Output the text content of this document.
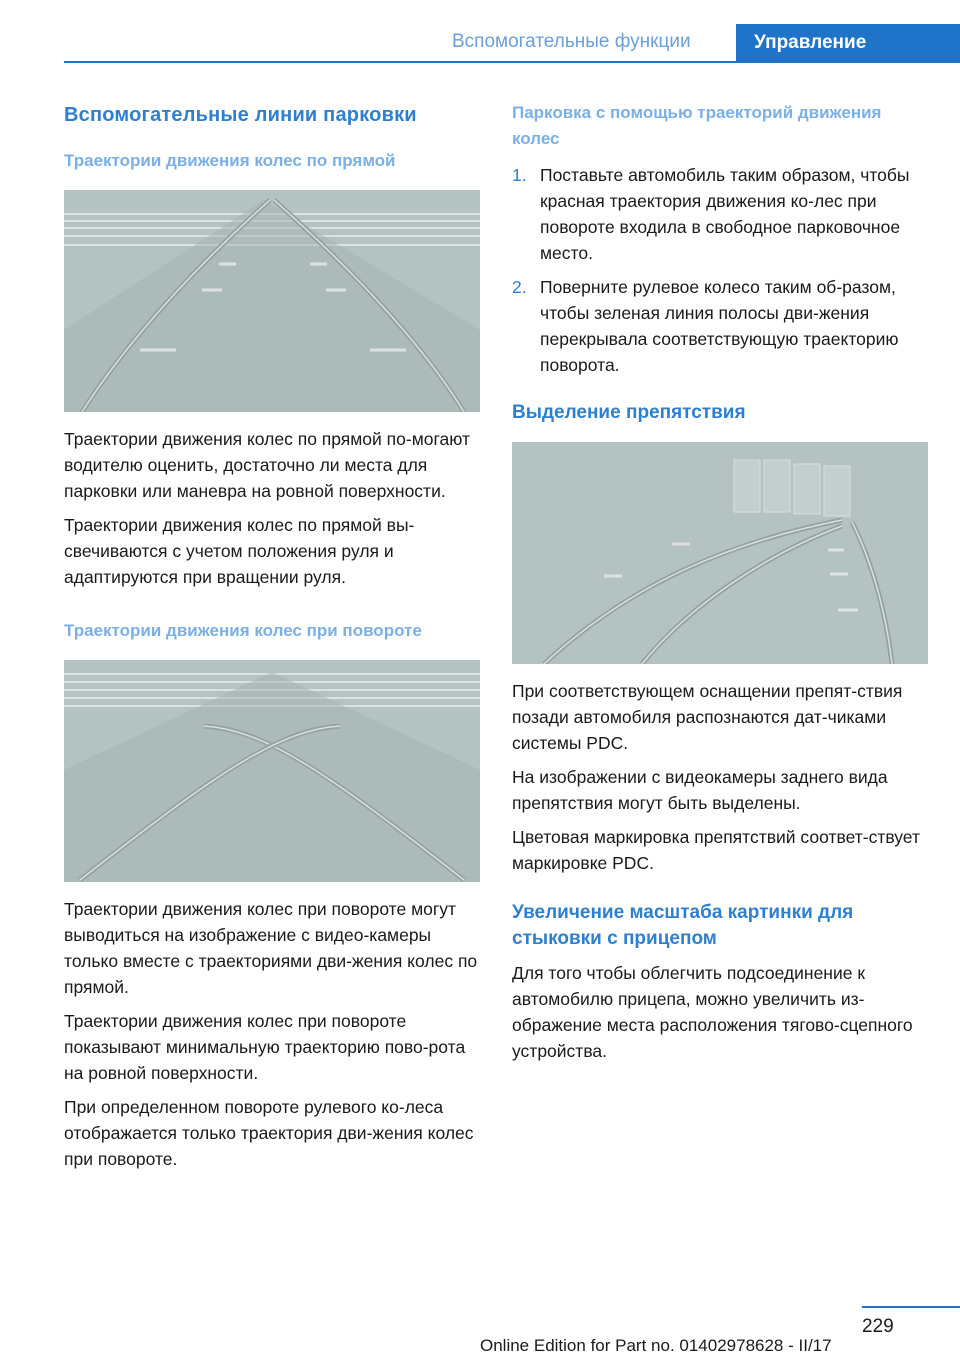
Вспомогательные функции	Управление
Вспомогательные линии парковки
Траектории движения колес по прямой

Траектории движения колес по прямой по‐могают водителю оценить, достаточно ли места для парковки или маневра на ровной поверхности.

Траектории движения колес по прямой вы‐свечиваются с учетом положения руля и адаптируются при вращении руля.

Траектории движения колес при повороте

Траектории движения колес при повороте могут выводиться на изображение с видео‐камеры только вместе с траекториями дви‐жения колес по прямой.

Траектории движения колес при повороте показывают минимальную траекторию пово‐рота на ровной поверхности.

При определенном повороте рулевого ко‐леса отображается только траектория дви‐жения колес при повороте.

Парковка с помощью траекторий движения колес
1. Поставьте автомобиль таким образом, чтобы красная траектория движения ко‐лес при повороте входила в свободное парковочное место.
2. Поверните рулевое колесо таким об‐разом, чтобы зеленая линия полосы дви‐жения перекрывала соответствующую траекторию поворота.
Выделение препятствия

При соответствующем оснащении препят‐ствия позади автомобиля распознаются дат‐чиками системы PDC.

На изображении с видеокамеры заднего вида препятствия могут быть выделены.

Цветовая маркировка препятствий соответ‐ствует маркировке PDC.

Увеличение масштаба картинки для стыковки с прицепом

Для того чтобы облегчить подсоединение к автомобилю прицепа, можно увеличить из‐ображение места расположения тягово‐сцепного устройства.

229
Online Edition for Part no. 01402978628 - II/17
